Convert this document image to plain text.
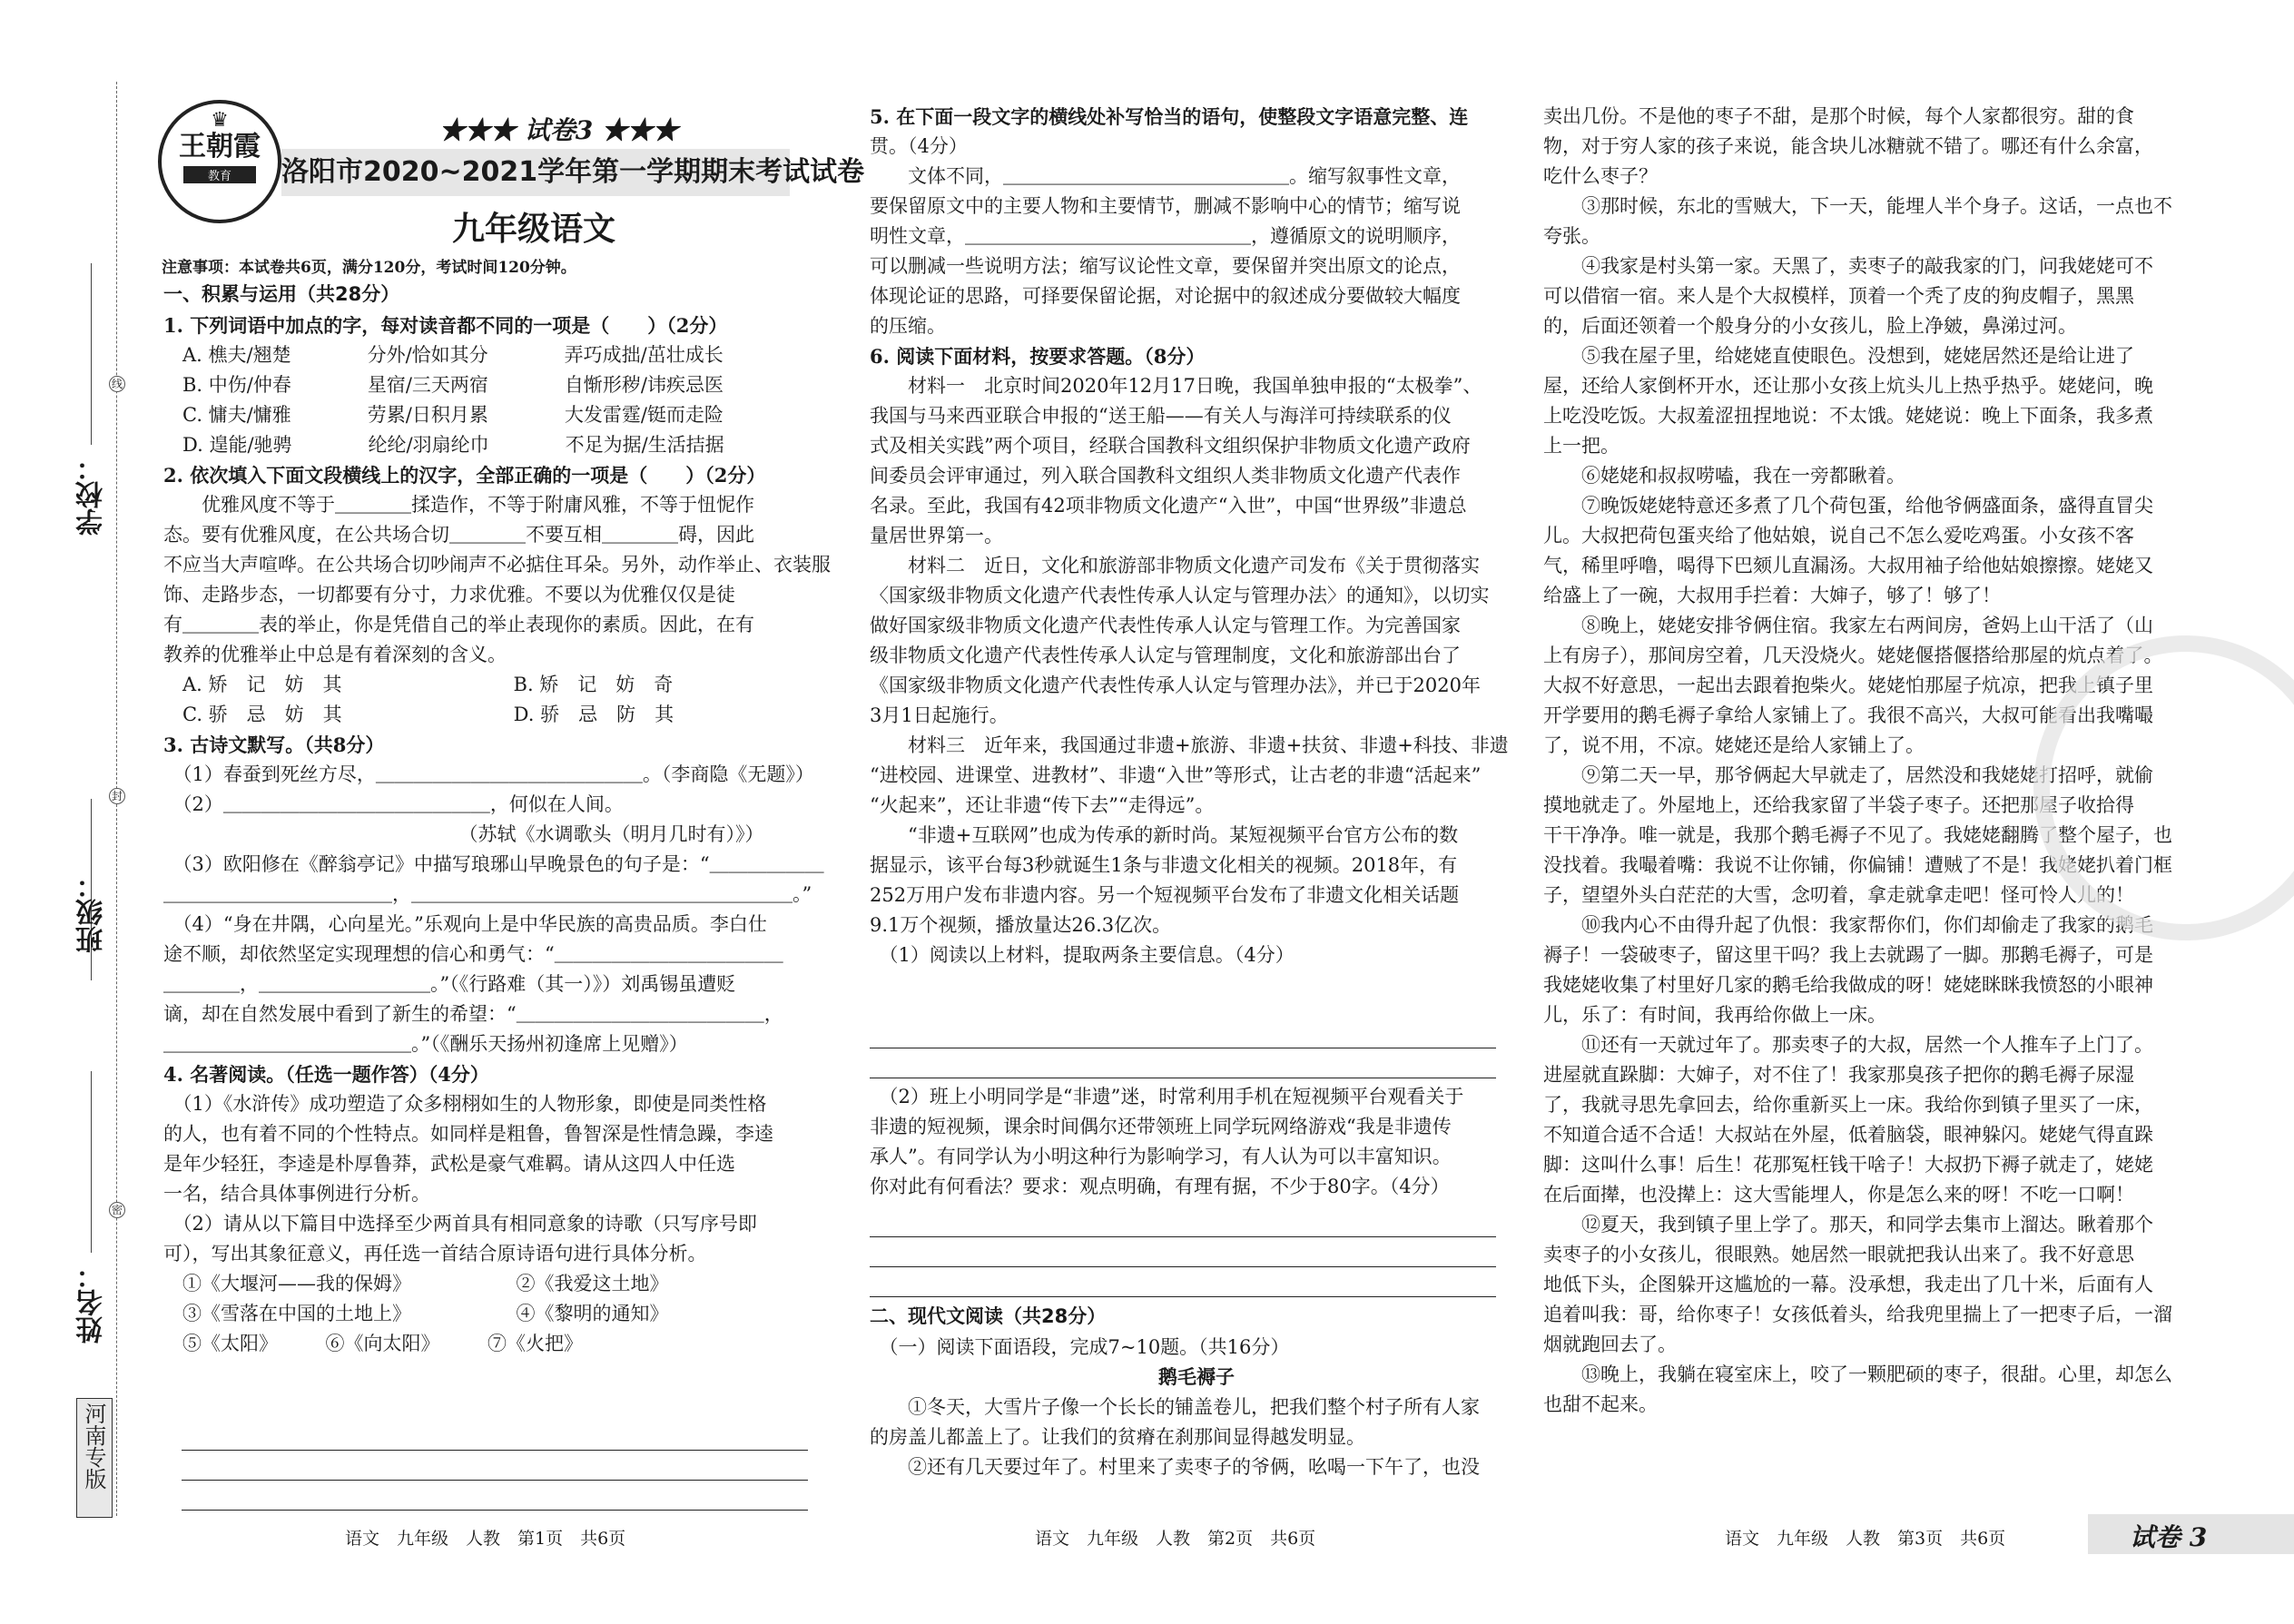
学校：
班级：
姓名：
线
封
密
河南专版
♛
王朝霞
教育
★★★ 试卷3 ★★★
洛阳市2020~2021学年第一学期期末考试试卷
九年级语文
注意事项：本试卷共6页，满分120分，考试时间120分钟。

一、积累与运用（共28分）

1. 下列词语中加点的字，每对读音都不同的一项是（　　）（2分）

　A. 樵夫/翘楚　　　　分外/恰如其分　　　　弄巧成拙/茁壮成长

　B. 中伤/仲春　　　　星宿/三天两宿　　　　自惭形秽/讳疾忌医

　C. 慵夫/慵雅　　　　劳累/日积月累　　　　大发雷霆/铤而走险

　D. 遑能/驰骋　　　　纶纶/羽扇纶巾　　　　不足为据/生活拮据

2. 依次填入下面文段横线上的汉字，全部正确的一项是（　　）（2分）

　　优雅风度不等于＿＿＿＿揉造作，不等于附庸风雅，不等于忸怩作

态。要有优雅风度，在公共场合切＿＿＿＿不要互相＿＿＿＿碍，因此

不应当大声喧哗。在公共场合切吵闹声不必掂住耳朵。另外，动作举止、衣装服

饰、走路步态，一切都要有分寸，力求优雅。不要以为优雅仅仅是徒

有＿＿＿＿表的举止，你是凭借自己的举止表现你的素质。因此，在有

教养的优雅举止中总是有着深刻的含义。

　A. 矫　记　妨　其　　　　　　　　　B. 矫　记　妨　奇

　C. 骄　忌　妨　其　　　　　　　　　D. 骄　忌　防　其

3. 古诗文默写。（共8分）

　（1）春蚕到死丝方尽，＿＿＿＿＿＿＿＿＿＿＿＿＿＿。（李商隐《无题》）

　（2）＿＿＿＿＿＿＿＿＿＿＿＿＿＿，何似在人间。

　　　　　　　　　　　　　　　　（苏轼《水调歌头（明月几时有）》）

　（3）欧阳修在《醉翁亭记》中描写琅琊山早晚景色的句子是：“＿＿＿＿＿＿

＿＿＿＿＿＿＿＿＿＿＿＿，＿＿＿＿＿＿＿＿＿＿＿＿＿＿＿＿＿＿＿＿。”

　（4）“身在井隅，心向星光。”乐观向上是中华民族的高贵品质。李白仕

途不顺，却依然坚定实现理想的信心和勇气：“＿＿＿＿＿＿＿＿＿＿＿＿

＿＿＿＿，＿＿＿＿＿＿＿＿＿。”（《行路难（其一）》）刘禹锡虽遭贬

谪，却在自然发展中看到了新生的希望：“＿＿＿＿＿＿＿＿＿＿＿＿＿，

＿＿＿＿＿＿＿＿＿＿＿＿＿。”（《酬乐天扬州初逢席上见赠》）

4. 名著阅读。（任选一题作答）（4分）

　（1）《水浒传》成功塑造了众多栩栩如生的人物形象，即使是同类性格

的人，也有着不同的个性特点。如同样是粗鲁，鲁智深是性情急躁，李逵

是年少轻狂，李逵是朴厚鲁莽，武松是豪气难羁。请从这四人中任选

一名，结合具体事例进行分析。

　（2）请从以下篇目中选择至少两首具有相同意象的诗歌（只写序号即

可），写出其象征意义，再任选一首结合原诗语句进行具体分析。

　①《大堰河——我的保姆》　　　　　　②《我爱这土地》

　③《雪落在中国的土地上》　　　　　　④《黎明的通知》

　⑤《太阳》　　　⑥《向太阳》　　　⑦《火把》

5. 在下面一段文字的横线处补写恰当的语句，使整段文字语意完整、连

贯。（4分）

　　文体不同，＿＿＿＿＿＿＿＿＿＿＿＿＿＿＿。缩写叙事性文章，

要保留原文中的主要人物和主要情节，删减不影响中心的情节；缩写说

明性文章，＿＿＿＿＿＿＿＿＿＿＿＿＿＿＿，遵循原文的说明顺序，

可以删减一些说明方法；缩写议论性文章，要保留并突出原文的论点，

体现论证的思路，可择要保留论据，对论据中的叙述成分要做较大幅度

的压缩。

6. 阅读下面材料，按要求答题。（8分）

　　材料一　北京时间2020年12月17日晚，我国单独申报的“太极拳”、

我国与马来西亚联合申报的“送王船——有关人与海洋可持续联系的仪

式及相关实践”两个项目，经联合国教科文组织保护非物质文化遗产政府

间委员会评审通过，列入联合国教科文组织人类非物质文化遗产代表作

名录。至此，我国有42项非物质文化遗产“入世”，中国“世界级”非遗总

量居世界第一。

　　材料二　近日，文化和旅游部非物质文化遗产司发布《关于贯彻落实

〈国家级非物质文化遗产代表性传承人认定与管理办法〉的通知》，以切实

做好国家级非物质文化遗产代表性传承人认定与管理工作。为完善国家

级非物质文化遗产代表性传承人认定与管理制度，文化和旅游部出台了

《国家级非物质文化遗产代表性传承人认定与管理办法》，并已于2020年

3月1日起施行。

　　材料三　近年来，我国通过非遗+旅游、非遗+扶贫、非遗+科技、非遗

“进校园、进课堂、进教材”、非遗“入世”等形式，让古老的非遗“活起来”

“火起来”，还让非遗“传下去”“走得远”。

　　“非遗+互联网”也成为传承的新时尚。某短视频平台官方公布的数

据显示，该平台每3秒就诞生1条与非遗文化相关的视频。2018年，有

252万用户发布非遗内容。另一个短视频平台发布了非遗文化相关话题

9.1万个视频，播放量达26.3亿次。

　（1）阅读以上材料，提取两条主要信息。（4分）

　（2）班上小明同学是“非遗”迷，时常利用手机在短视频平台观看关于

非遗的短视频，课余时间偶尔还带领班上同学玩网络游戏“我是非遗传

承人”。有同学认为小明这种行为影响学习，有人认为可以丰富知识。

你对此有何看法？要求：观点明确，有理有据，不少于80字。（4分）

二、现代文阅读（共28分）

　（一）阅读下面语段，完成7~10题。（共16分）

鹅毛褥子

　　①冬天，大雪片子像一个长长的铺盖卷儿，把我们整个村子所有人家

的房盖儿都盖上了。让我们的贫瘠在刹那间显得越发明显。

　　②还有几天要过年了。村里来了卖枣子的爷俩，吆喝一下午了，也没

卖出几份。不是他的枣子不甜，是那个时候，每个人家都很穷。甜的食

物，对于穷人家的孩子来说，能含块儿冰糖就不错了。哪还有什么余富，

吃什么枣子？

　　③那时候，东北的雪贼大，下一天，能埋人半个身子。这话，一点也不

夸张。

　　④我家是村头第一家。天黑了，卖枣子的敲我家的门，问我姥姥可不

可以借宿一宿。来人是个大叔模样，顶着一个秃了皮的狗皮帽子，黑黑

的，后面还领着一个般身分的小女孩儿，脸上净皴，鼻涕过河。

　　⑤我在屋子里，给姥姥直使眼色。没想到，姥姥居然还是给让进了

屋，还给人家倒杯开水，还让那小女孩上炕头儿上热乎热乎。姥姥问，晚

上吃没吃饭。大叔羞涩扭捏地说：不太饿。姥姥说：晚上下面条，我多煮

上一把。

　　⑥姥姥和叔叔唠嗑，我在一旁都瞅着。

　　⑦晚饭姥姥特意还多煮了几个荷包蛋，给他爷俩盛面条，盛得直冒尖

儿。大叔把荷包蛋夹给了他姑娘，说自己不怎么爱吃鸡蛋。小女孩不客

气，稀里呼噜，喝得下巴颏儿直漏汤。大叔用袖子给他姑娘擦擦。姥姥又

给盛上了一碗，大叔用手拦着：大婶子，够了！够了！

　　⑧晚上，姥姥安排爷俩住宿。我家左右两间房，爸妈上山干活了（山

上有房子），那间房空着，几天没烧火。姥姥偃搭偃搭给那屋的炕点着了。

大叔不好意思，一起出去跟着抱柴火。姥姥怕那屋子炕凉，把我上镇子里

开学要用的鹅毛褥子拿给人家铺上了。我很不高兴，大叔可能看出我嘴嘬

了，说不用，不凉。姥姥还是给人家铺上了。

　　⑨第二天一早，那爷俩起大早就走了，居然没和我姥姥打招呼，就偷

摸地就走了。外屋地上，还给我家留了半袋子枣子。还把那屋子收拾得

干干净净。唯一就是，我那个鹅毛褥子不见了。我姥姥翻腾了整个屋子，也

没找着。我嘬着嘴：我说不让你铺，你偏铺！遭贼了不是！我姥姥扒着门框

子，望望外头白茫茫的大雪，念叨着，拿走就拿走吧！怪可怜人儿的！

　　⑩我内心不由得升起了仇恨：我家帮你们，你们却偷走了我家的鹅毛

褥子！一袋破枣子，留这里干吗？我上去就踢了一脚。那鹅毛褥子，可是

我姥姥收集了村里好几家的鹅毛给我做成的呀！姥姥眯眯我愤怒的小眼神

儿，乐了：有时间，我再给你做上一床。

　　⑪还有一天就过年了。那卖枣子的大叔，居然一个人推车子上门了。

进屋就直跺脚：大婶子，对不住了！我家那臭孩子把你的鹅毛褥子尿湿

了，我就寻思先拿回去，给你重新买上一床。我给你到镇子里买了一床，

不知道合适不合适！大叔站在外屋，低着脑袋，眼神躲闪。姥姥气得直跺

脚：这叫什么事！后生！花那冤枉钱干啥子！大叔扔下褥子就走了，姥姥

在后面撵，也没撵上：这大雪能埋人，你是怎么来的呀！不吃一口啊！

　　⑫夏天，我到镇子里上学了。那天，和同学去集市上溜达。瞅着那个

卖枣子的小女孩儿，很眼熟。她居然一眼就把我认出来了。我不好意思

地低下头，企图躲开这尴尬的一幕。没承想，我走出了几十米，后面有人

追着叫我：哥，给你枣子！女孩低着头，给我兜里揣上了一把枣子后，一溜

烟就跑回去了。

　　⑬晚上，我躺在寝室床上，咬了一颗肥硕的枣子，很甜。心里，却怎么

也甜不起来。

语文　九年级　人教　第1页　共6页	语文　九年级　人教　第2页　共6页	语文　九年级　人教　第3页　共6页	试卷 3
